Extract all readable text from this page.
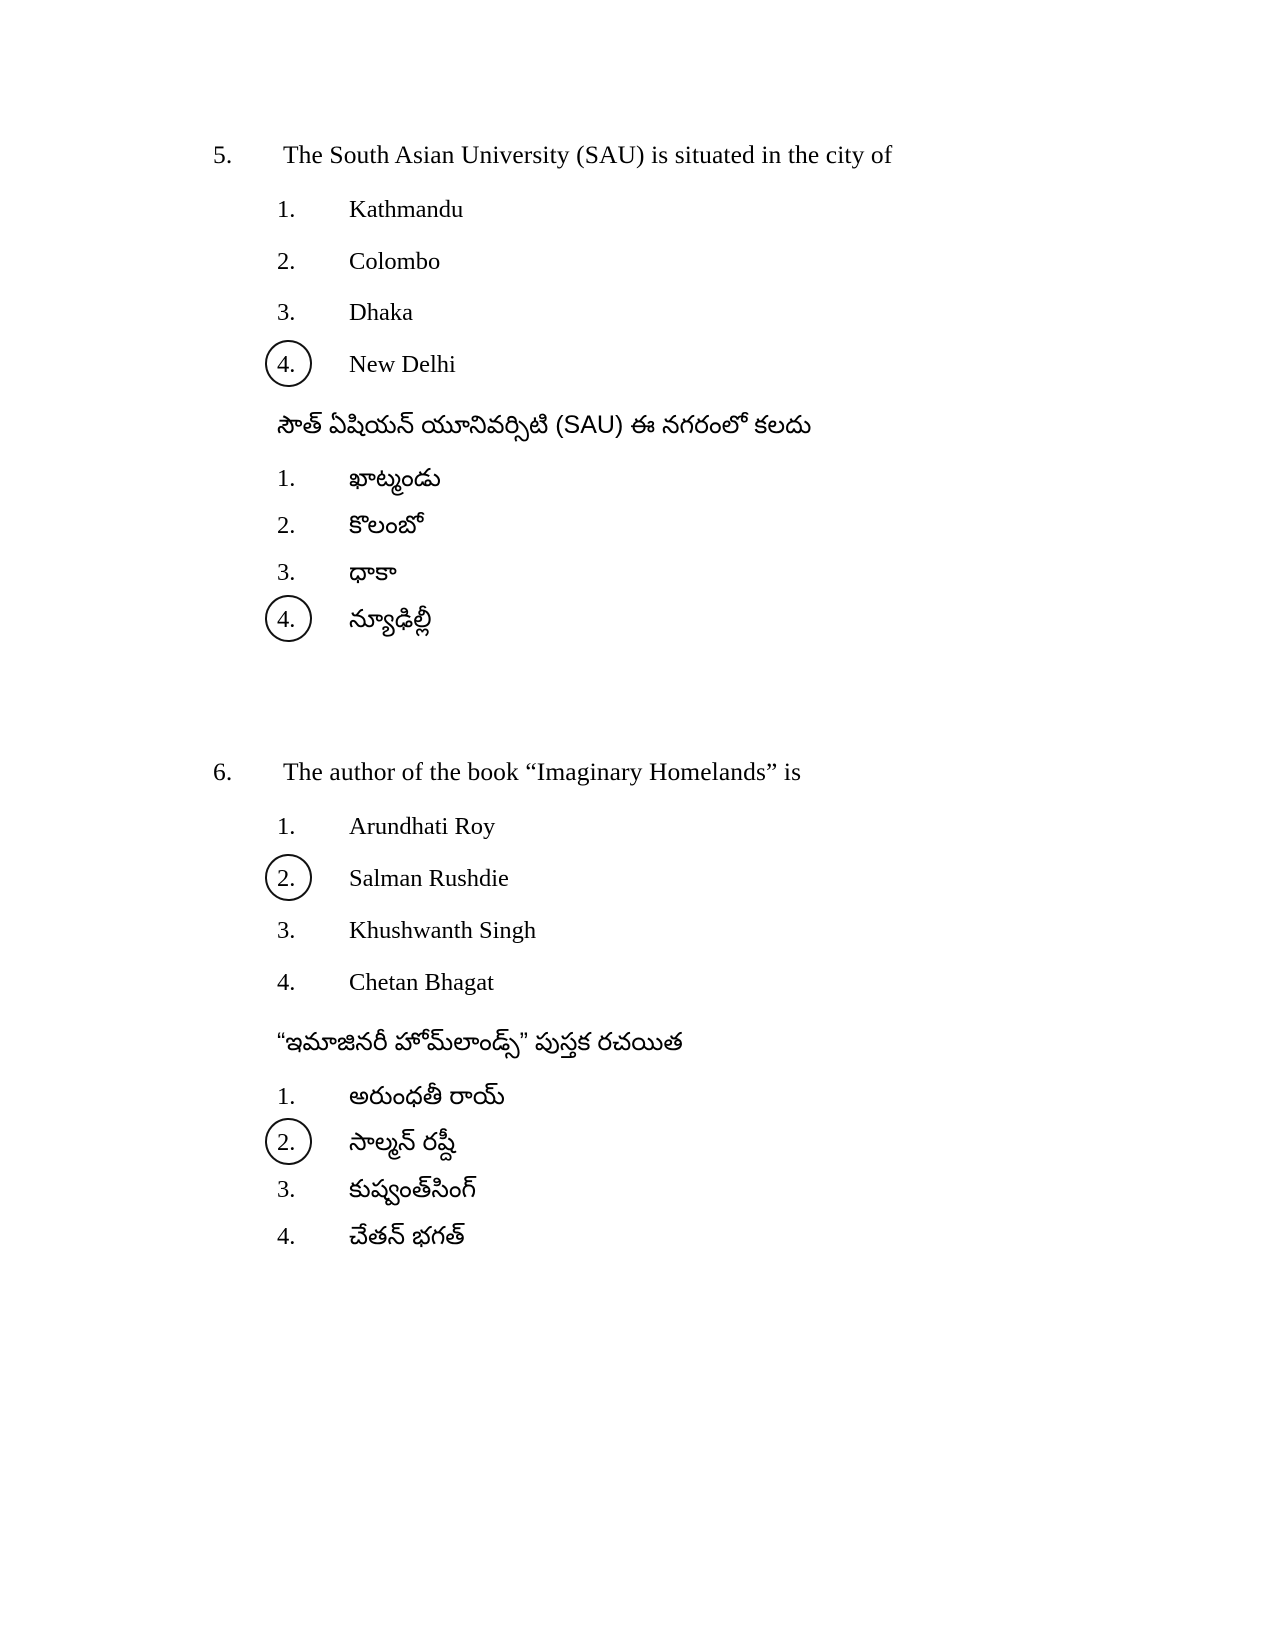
5.	The South Asian University (SAU) is situated in the city of
1.	Kathmandu
2.	Colombo
3.	Dhaka
4.	New Delhi
సౌత్ ఏషియన్ యూనివర్సిటి (SAU) ఈ నగరంలో కలదు
1.	ఖాట్మండు
2.	కొలంబో
3.	ధాకా
4.	న్యూఢిల్లీ
6.	The author of the book “Imaginary Homelands” is
1.	Arundhati Roy
2.	Salman Rushdie
3.	Khushwanth Singh
4.	Chetan Bhagat
“ఇమాజినరీ హోమ్‌లాండ్స్” పుస్తక రచయిత
1.	అరుంధతీ రాయ్
2.	సాల్మన్ రష్దీ
3.	కుష్వంత్‌సింగ్
4.	చేతన్ భగత్
